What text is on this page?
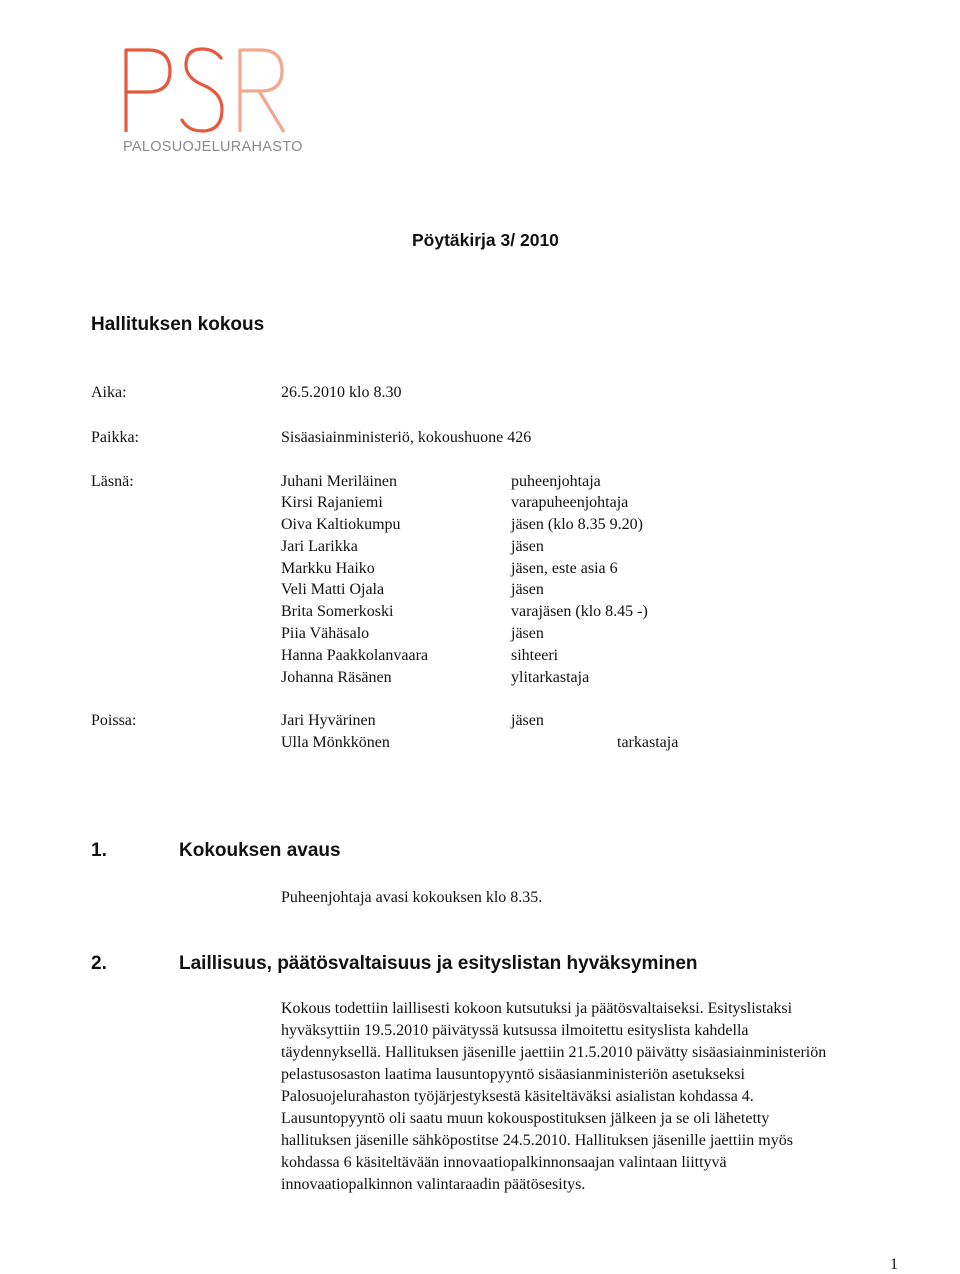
PALOSUOJELURAHASTO
Pöytäkirja 3/ 2010
Hallituksen kokous
Aika:	26.5.2010 klo 8.30
Paikka:	Sisäasiainministeriö, kokoushuone 426
Läsnä:	Juhani Meriläinen	puheenjohtaja
Kirsi Rajaniemi	varapuheenjohtaja
Oiva Kaltiokumpu	jäsen (klo 8.35 9.20)
Jari Larikka	jäsen
Markku Haiko	jäsen, este asia 6
Veli Matti Ojala	jäsen
Brita Somerkoski	varajäsen (klo 8.45 -)
Piia Vähäsalo	jäsen
Hanna Paakkolanvaara	sihteeri
Johanna Räsänen	ylitarkastaja
Poissa:	Jari Hyvärinen	jäsen
Ulla Mönkkönen	tarkastaja
1.	Kokouksen avaus
Puheenjohtaja avasi kokouksen klo 8.35.
2.	Laillisuus, päätösvaltaisuus ja esityslistan hyväksyminen
Kokous todettiin laillisesti kokoon kutsutuksi ja päätösvaltaiseksi. Esityslistaksi
hyväksyttiin 19.5.2010 päivätyssä kutsussa ilmoitettu esityslista kahdella
täydennyksellä. Hallituksen jäsenille jaettiin 21.5.2010 päivätty sisäasiainministeriön
pelastusosaston laatima lausuntopyyntö sisäasianministeriön asetukseksi
Palosuojelurahaston työjärjestyksestä käsiteltäväksi asialistan kohdassa 4.
Lausuntopyyntö oli saatu muun kokouspostituksen jälkeen ja se oli lähetetty
hallituksen jäsenille sähköpostitse 24.5.2010. Hallituksen jäsenille jaettiin myös
kohdassa 6 käsiteltävään innovaatiopalkinnonsaajan valintaan liittyvä
innovaatiopalkinnon valintaraadin päätösesitys.
1
